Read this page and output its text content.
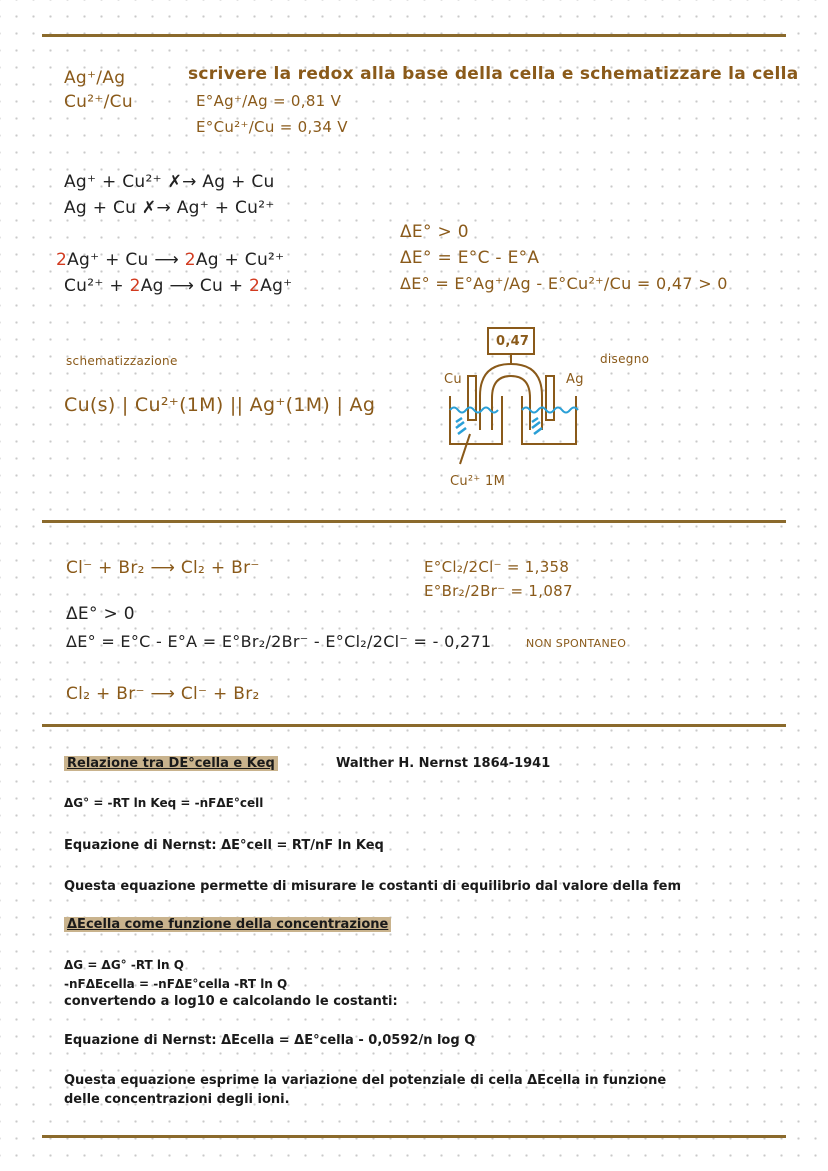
Ag⁺/Ag
Cu²⁺/Cu
scrivere la redox alla base della cella e schematizzare la cella
E°Ag⁺/Ag = 0,81 V
E°Cu²⁺/Cu = 0,34 V
Ag⁺ + Cu²⁺ ✗→ Ag + Cu
Ag + Cu ✗→ Ag⁺ + Cu²⁺
2Ag⁺ + Cu ⟶ 2Ag + Cu²⁺
Cu²⁺ + 2Ag ⟶ Cu + 2Ag⁺
ΔE° > 0
ΔE° = E°C - E°A
ΔE° = E°Ag⁺/Ag - E°Cu²⁺/Cu = 0,47 > 0
schematizzazione
Cu(s) | Cu²⁺(1M) || Ag⁺(1M) | Ag
0,47
Cu	Ag
disegno
Cu²⁺ 1M
Cl⁻ + Br₂ ⟶ Cl₂ + Br⁻	E°Cl₂/2Cl⁻ = 1,358
E°Br₂/2Br⁻ = 1,087
ΔE° > 0
ΔE° = E°C - E°A = E°Br₂/2Br⁻ - E°Cl₂/2Cl⁻ = - 0,271	NON SPONTANEO
Cl₂ + Br⁻ ⟶ Cl⁻ + Br₂
Relazione tra DE°cella e Keq	Walther H. Nernst 1864-1941
ΔG° = -RT ln Keq = -nFΔE°cell
Equazione di Nernst: ΔE°cell = RT/nF ln Keq
Questa equazione permette di misurare le costanti di equilibrio dal valore della fem
ΔEcella come funzione della concentrazione
ΔG = ΔG° -RT ln Q
-nFΔEcella = -nFΔE°cella -RT ln Q
convertendo a log10 e calcolando le costanti:
Equazione di Nernst: ΔEcella = ΔE°cella - 0,0592/n log Q
Questa equazione esprime la variazione del potenziale di cella ΔEcella in funzione
delle concentrazioni degli ioni.
